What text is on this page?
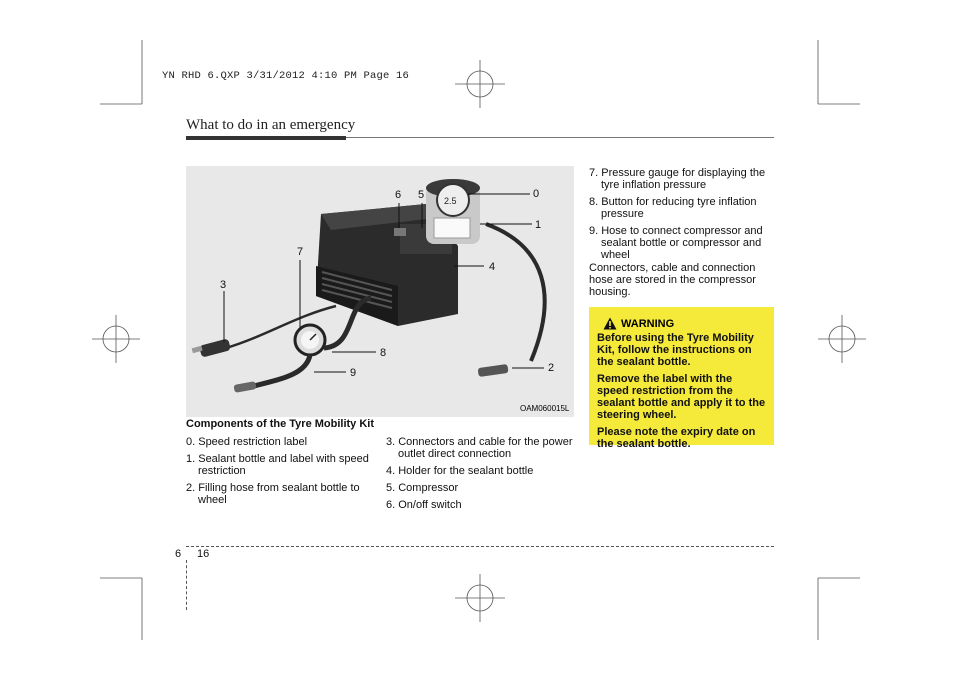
YN RHD 6.QXP 3/31/2012 4:10 PM Page 16
What to do in an emergency
2.5
0
1
2
3
4
5
6
7
8
9
OAM060015L
Components of the Tyre Mobility Kit
0. Speed restriction label
1. Sealant bottle and label with speed restriction
2. Filling hose from sealant bottle to wheel
3. Connectors and cable for the power outlet direct connection
4. Holder for the sealant bottle
5. Compressor
6. On/off switch
7. Pressure gauge for displaying the tyre inflation pressure
8. Button for reducing tyre inflation pressure
9. Hose to connect compressor and sealant bottle or compressor and wheel
Connectors, cable and connection hose are stored in the compressor housing.
WARNING
Before using the Tyre Mobility Kit, follow the instructions on the sealant bottle.
Remove the label with the speed restriction from the sealant bottle and apply it to the steering wheel.
Please note the expiry date on the sealant bottle.
6 16
